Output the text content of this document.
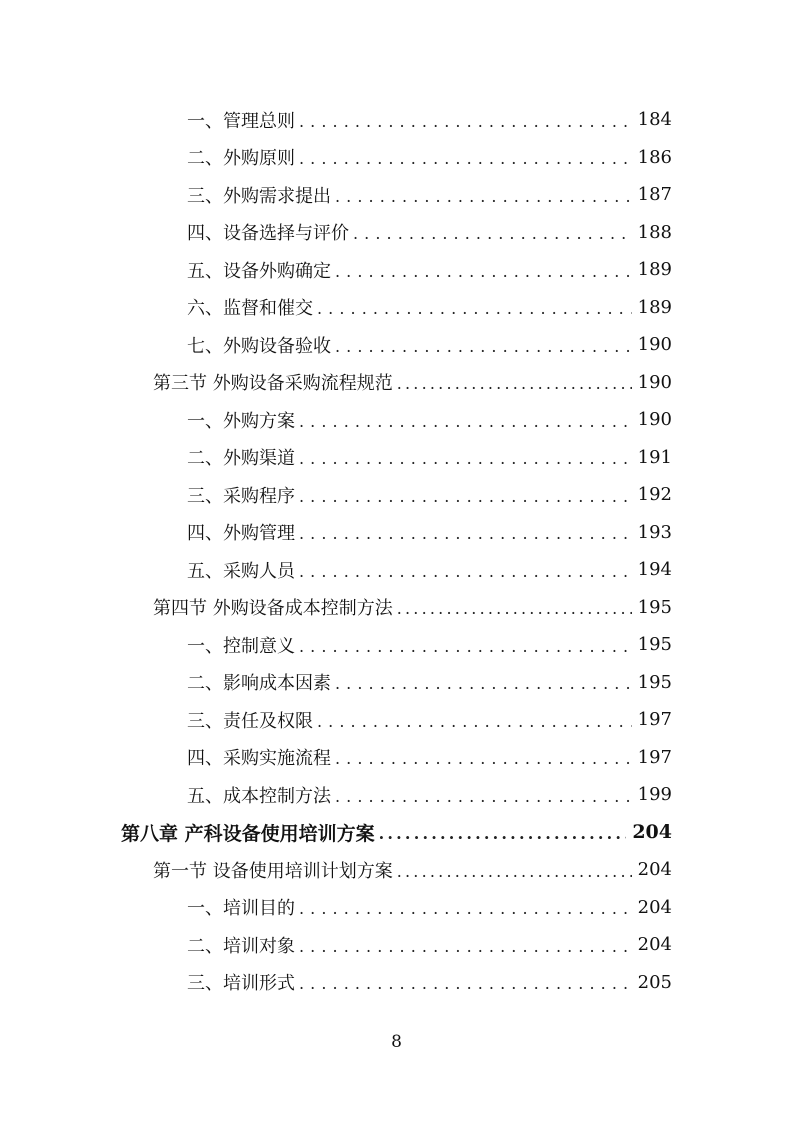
一、管理总则 . . .	184
二、外购原则 . . .	186
三、外购需求提出 . . .	187
四、设备选择与评价 . . .	188
五、设备外购确定 . . .	189
六、监督和催交 . . .	189
七、外购设备验收 . . .	190
第三节 外购设备采购流程规范 .....	190
一、外购方案 . . .	190
二、外购渠道 . . .	191
三、采购程序 . . .	192
四、外购管理 . . .	193
五、采购人员 . . .	194
第四节 外购设备成本控制方法 .....	195
一、控制意义 . . .	195
二、影响成本因素 . . .	195
三、责任及权限 . . .	197
四、采购实施流程 . . .	197
五、成本控制方法 . . .	199
第八章 产科设备使用培训方案 .....	204
第一节 设备使用培训计划方案 .....	204
一、培训目的 . . .	204
二、培训对象 . . .	204
三、培训形式 . . .	205
8
